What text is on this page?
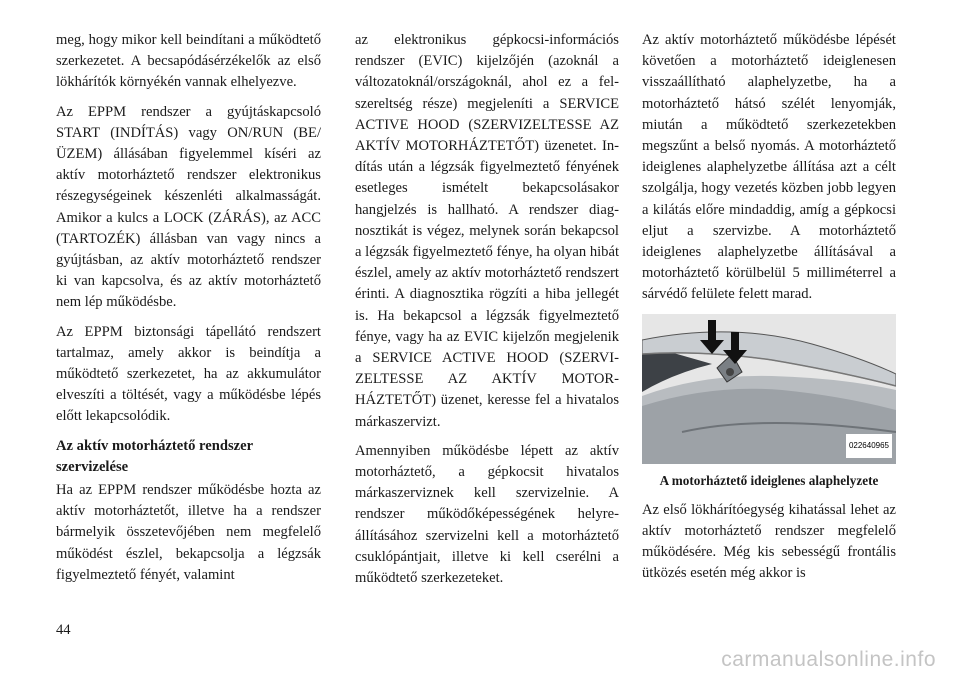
meg, hogy mikor kell beindítani a működtető szerkezetet. A becsapódásérzékelők az első lökhárítók környékén vannak elhelyezve.

Az EPPM rendszer a gyújtáskapcsoló START (INDÍTÁS) vagy ON/RUN (BE/ÜZEM) állásában figyelemmel kíséri az aktív motorháztető rendszer elektronikus részegységeinek készenléti alkalmasságát. Amikor a kulcs a LOCK (ZÁRÁS), az ACC (TARTOZÉK) állásban van vagy nincs a gyújtásban, az aktív motorháztető rendszer ki van kapcsolva, és az aktív motorháztető nem lép működésbe.

Az EPPM biztonsági tápellátó rendszert tartalmaz, amely akkor is beindítja a működtető szerkezetet, ha az akkumulátor elveszíti a töltését, vagy a működésbe lépés előtt lekapcsolódik.

Az aktív motorháztető rendszer szervizelése

Ha az EPPM rendszer működésbe hozta az aktív motorháztetőt, illetve ha a rendszer bármelyik összetevőjében nem megfelelő működést észlel, bekapcsolja a légzsák figyelmeztető fényét, valamint

az elektronikus gépkocsi-információs rendszer (EVIC) kijelzőjén (azoknál a változatoknál/országoknál, ahol ez a felszereltség része) megjeleníti a SERVICE ACTIVE HOOD (SZERVIZELTESSE AZ AKTÍV MOTORHÁZTETŐT) üzenetet. Indítás után a légzsák figyelmeztető fényének esetleges ismételt bekapcsolásakor hangjelzés is hallható. A rendszer diagnosztikát is végez, melynek során bekapcsol a légzsák figyelmeztető fénye, ha olyan hibát észlel, amely az aktív motorháztető rendszert érinti. A diagnosztika rögzíti a hiba jellegét is. Ha bekapcsol a légzsák figyelmeztető fénye, vagy ha az EVIC kijelzőn megjelenik a SERVICE ACTIVE HOOD (SZERVIZELTESSE AZ AKTÍV MOTORHÁZTETŐT) üzenet, keresse fel a hivatalos márkaszervizt.

Amennyiben működésbe lépett az aktív motorháztető, a gépkocsit hivatalos márkaszerviznek kell szervizelnie. A rendszer működőképességének helyreállításához szervizelni kell a motorháztető csuklópántjait, illetve ki kell cserélni a működtető szerkezeteket.

Az aktív motorháztető működésbe lépését követően a motorháztető ideiglenesen visszaállítható alaphelyzetbe, ha a motorháztető hátsó szélét lenyomják, miután a működtető szerkezetekben megszűnt a belső nyomás. A motorháztető ideiglenes alaphelyzetbe állítása azt a célt szolgálja, hogy vezetés közben jobb legyen a kilátás előre mindaddig, amíg a gépkocsi eljut a szervizbe. A motorháztető ideiglenes alaphelyzetbe állításával a motorháztető körülbelül 5 milliméterrel a sárvédő felülete felett marad.

022640965
A motorháztető ideiglenes alaphelyzete

Az első lökhárítóegység kihatással lehet az aktív motorháztető rendszer megfelelő működésére. Még kis sebességű frontális ütközés esetén még akkor is

44
carmanualsonline.info
